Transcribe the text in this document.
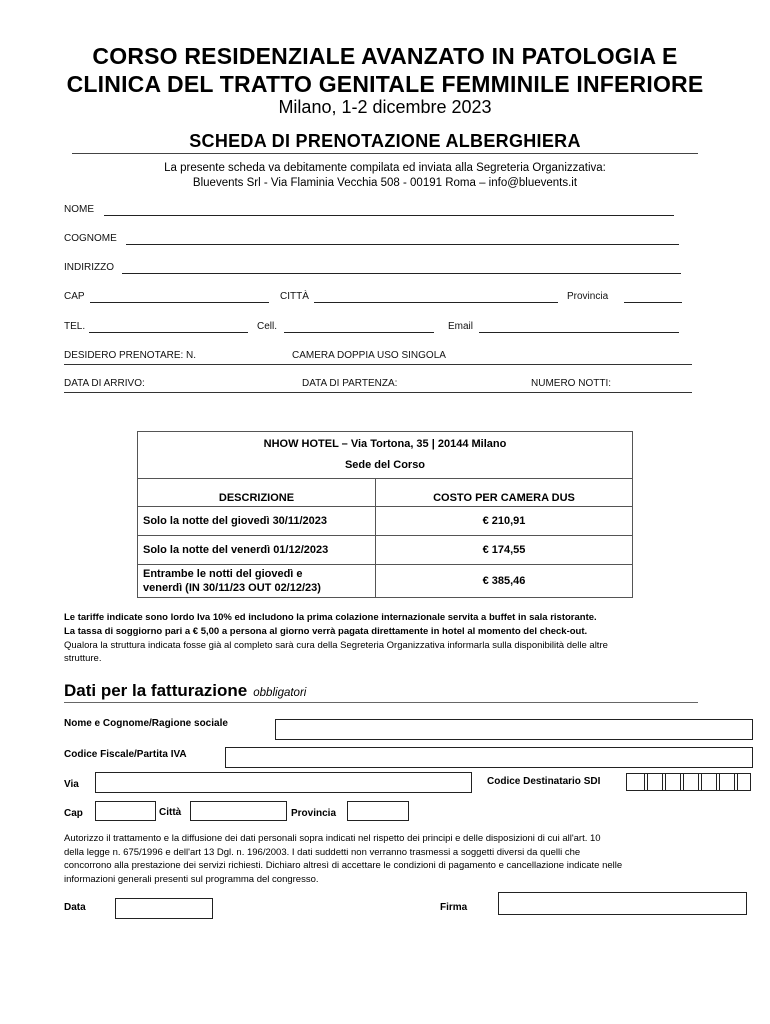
CORSO RESIDENZIALE AVANZATO IN PATOLOGIA E
CLINICA DEL TRATTO GENITALE FEMMINILE INFERIORE
Milano, 1-2 dicembre 2023
SCHEDA DI PRENOTAZIONE ALBERGHIERA
La presente scheda va debitamente compilata ed inviata alla Segreteria Organizzativa:
Bluevents Srl - Via Flaminia Vecchia 508 - 00191 Roma – info@bluevents.it
NOME
COGNOME
INDIRIZZO
CAP	CITTÀ	Provincia
TEL.	Cell.	Email
DESIDERO PRENOTARE: N.	CAMERA DOPPIA USO SINGOLA
DATA DI ARRIVO:	DATA DI PARTENZA:	NUMERO NOTTI:
NHOW HOTEL – Via Tortona, 35 | 20144 Milano
Sede del Corso	

DESCRIZIONE	COSTO PER CAMERA DUS
Solo la notte del giovedì 30/11/2023	€ 210,91
Solo la notte del venerdì 01/12/2023	€ 174,55

Entrambe le notti del giovedì e
venerdì (IN 30/11/23 OUT 02/12/23)	€ 385,46
Le tariffe indicate sono lordo Iva 10% ed includono la prima colazione internazionale servita a buffet in sala ristorante.
La tassa di soggiorno pari a € 5,00 a persona al giorno verrà pagata direttamente in hotel al momento del check-out.
Qualora la struttura indicata fosse già al completo sarà cura della Segreteria Organizzativa informarla sulla disponibilità delle altre
strutture.
Dati per la fatturazione obbligatori
Nome e Cognome/Ragione sociale
Codice Fiscale/Partita IVA
Via	Codice Destinatario SDI
Cap	Città	Provincia
Autorizzo il trattamento e la diffusione dei dati personali sopra indicati nel rispetto dei principi e delle disposizioni di cui all'art. 10
della legge n. 675/1996 e dell'art 13 Dgl. n. 196/2003. I dati suddetti non verranno trasmessi a soggetti diversi da quelli che
concorrono alla prestazione dei servizi richiesti. Dichiaro altresì di accettare le condizioni di pagamento e cancellazione indicate nelle
informazioni generali presenti sul programma del congresso.
Data	Firma
